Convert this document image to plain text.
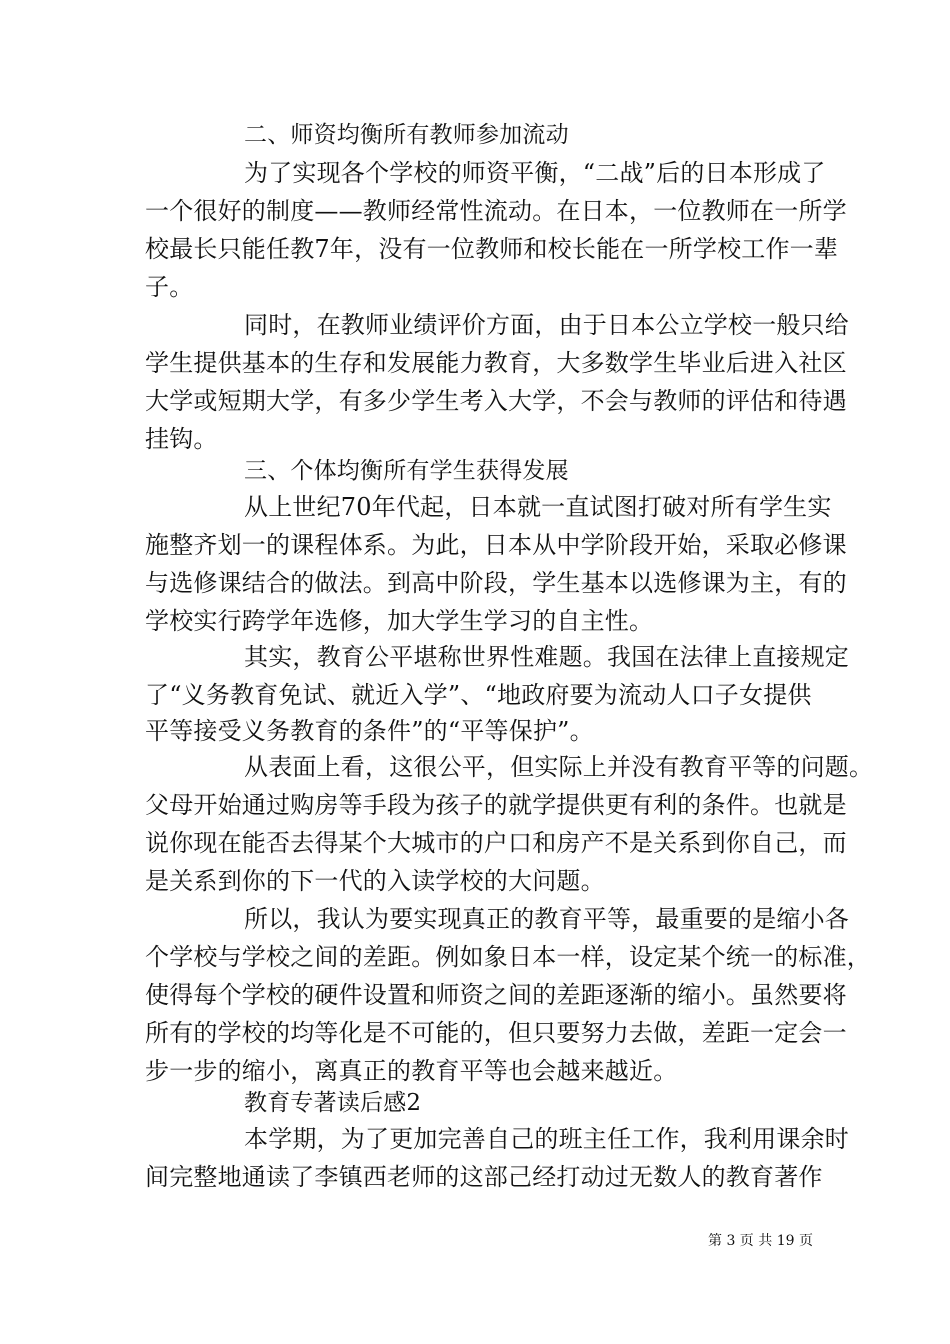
二、师资均衡所有教师参加流动
为了实现各个学校的师资平衡，“二战”后的日本形成了
一个很好的制度——教师经常性流动。在日本，一位教师在一所学
校最长只能任教7年，没有一位教师和校长能在一所学校工作一辈
子。
同时，在教师业绩评价方面，由于日本公立学校一般只给
学生提供基本的生存和发展能力教育，大多数学生毕业后进入社区
大学或短期大学，有多少学生考入大学，不会与教师的评估和待遇
挂钩。
三、个体均衡所有学生获得发展
从上世纪70年代起，日本就一直试图打破对所有学生实
施整齐划一的课程体系。为此，日本从中学阶段开始，采取必修课
与选修课结合的做法。到高中阶段，学生基本以选修课为主，有的
学校实行跨学年选修，加大学生学习的自主性。
其实，教育公平堪称世界性难题。我国在法律上直接规定
了“义务教育免试、就近入学”、“地政府要为流动人口子女提供
平等接受义务教育的条件”的“平等保护”。
从表面上看，这很公平，但实际上并没有教育平等的问题。
父母开始通过购房等手段为孩子的就学提供更有利的条件。也就是
说你现在能否去得某个大城市的户口和房产不是关系到你自己，而
是关系到你的下一代的入读学校的大问题。
所以，我认为要实现真正的教育平等，最重要的是缩小各
个学校与学校之间的差距。例如象日本一样，设定某个统一的标准，
使得每个学校的硬件设置和师资之间的差距逐渐的缩小。虽然要将
所有的学校的均等化是不可能的，但只要努力去做，差距一定会一
步一步的缩小，离真正的教育平等也会越来越近。
教育专著读后感2
本学期，为了更加完善自己的班主任工作，我利用课余时
间完整地通读了李镇西老师的这部己经打动过无数人的教育著作
第 3 页 共 19 页
